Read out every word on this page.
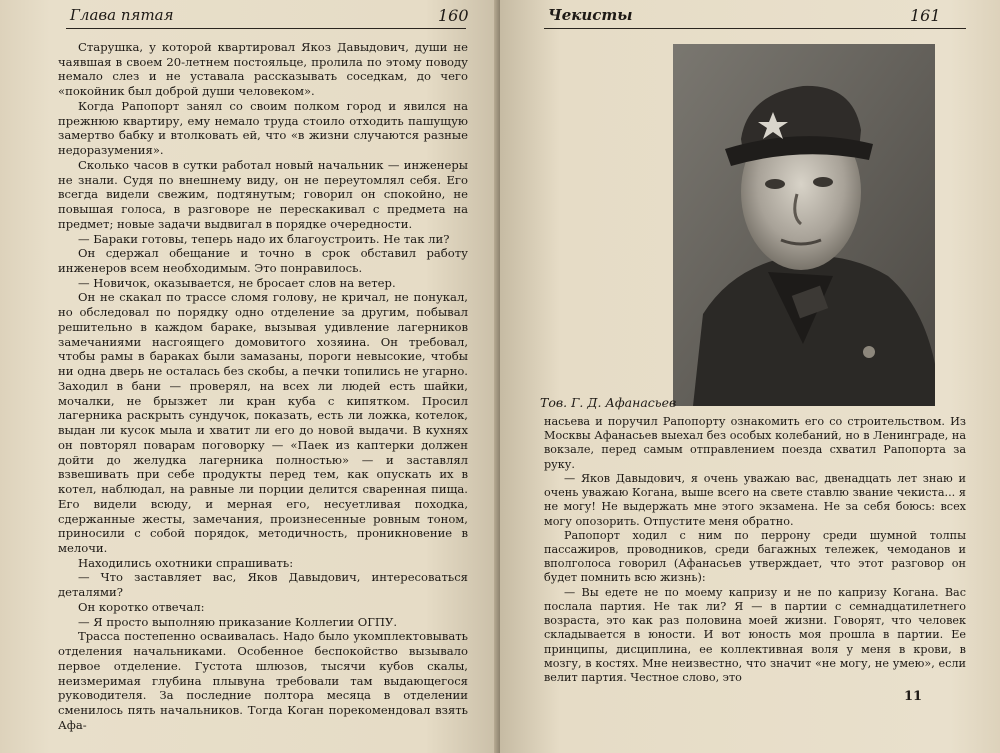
Глава пятая	160

Старушка, у которой квартировал Якоз Давыдович, души не чаявшая в своем 20-летнем постояльце, пролила по этому поводу немало слез и не уставала рассказывать соседкам, до чего «покойник был доброй души человеком».

Когда Рапопорт занял со своим полком город и явился на прежнюю квартиру, ему немало труда стоило отходить пашущую замертво бабку и втолковать ей, что «в жизни случаются разные недоразумения».

Сколько часов в сутки работал новый начальник — инженеры не знали. Судя по внешнему виду, он не переутомлял себя. Его всегда видели свежим, подтянутым; говорил он спокойно, не повышая голоса, в разговоре не перескакивал с предмета на предмет; новые задачи выдвигал в порядке очередности.

— Бараки готовы, теперь надо их благоустроить. Не так ли?

Он сдержал обещание и точно в срок обставил работу инженеров всем необходимым. Это понравилось.

— Новичок, оказывается, не бросает слов на ветер.

Он не скакал по трассе сломя голову, не кричал, не понукал, но обследовал по порядку одно отделение за другим, побывал решительно в каждом бараке, вызывая удивление лагерников замечаниями насгоящего домовитого хозяина. Он требовал, чтобы рамы в бараках были замазаны, пороги невысокие, чтобы ни одна дверь не осталась без скобы, а печки топились не угарно. Заходил в бани — проверял, на всех ли людей есть шайки, мочалки, не брызжет ли кран куба с кипятком. Просил лагерника раскрыть сундучок, показать, есть ли ложка, котелок, выдан ли кусок мыла и хватит ли его до новой выдачи. В кухнях он повторял поварам поговорку — «Паек из каптерки должен дойти до желудка лагерника полностью» — и заставлял взвешивать при себе продукты перед тем, как опускать их в котел, наблюдал, на равные ли порции делится сваренная пища. Его видели всюду, и мерная его, несуетливая походка, сдержанные жесты, замечания, произнесенные ровным тоном, приносили с собой порядок, методичность, проникновение в мелочи.

Находились охотники спрашивать:

— Что заставляет вас, Яков Давыдович, интересоваться деталями?

Он коротко отвечал:

— Я просто выполняю приказание Коллегии ОГПУ.

Трасса постепенно осваивалась. Надо было укомплектовывать отделения начальниками. Особенное беспокойство вызывало первое отделение. Густота шлюзов, тысячи кубов скалы, неизмеримая глубина плывуна требовали там выдающегося руководителя. За последние полтора месяца в отделении сменилось пять начальников. Тогда Коган порекомендовал взять Афа-

Чекисты	161
Тов. Г. Д. Афанасьев

насьева и поручил Рапопорту ознакомить его со строительством. Из Москвы Афанасьев выехал без особых колебаний, но в Ленинграде, на вокзале, перед самым отправлением поезда схватил Рапопорта за руку.

— Яков Давыдович, я очень уважаю вас, двенадцать лет знаю и очень уважаю Когана, выше всего на свете ставлю звание чекиста... я не могу! Не выдержать мне этого экзамена. Не за себя боюсь: всех могу опозорить. Отпустите меня обратно.

Рапопорт ходил с ним по перрону среди шумной толпы пассажиров, проводников, среди багажных тележек, чемоданов и вполголоса говорил (Афанасьев утверждает, что этот разговор он будет помнить всю жизнь):

— Вы едете не по моему капризу и не по капризу Когана. Вас послала партия. Не так ли? Я — в партии с семнадцатилетнего возраста, это как раз половина моей жизни. Говорят, что человек складывается в юности. И вот юность моя прошла в партии. Ее принципы, дисциплина, ее коллективная воля у меня в крови, в мозгу, в костях. Мне неизвестно, что значит «не могу, не умею», если велит партия. Честное слово, это

11
